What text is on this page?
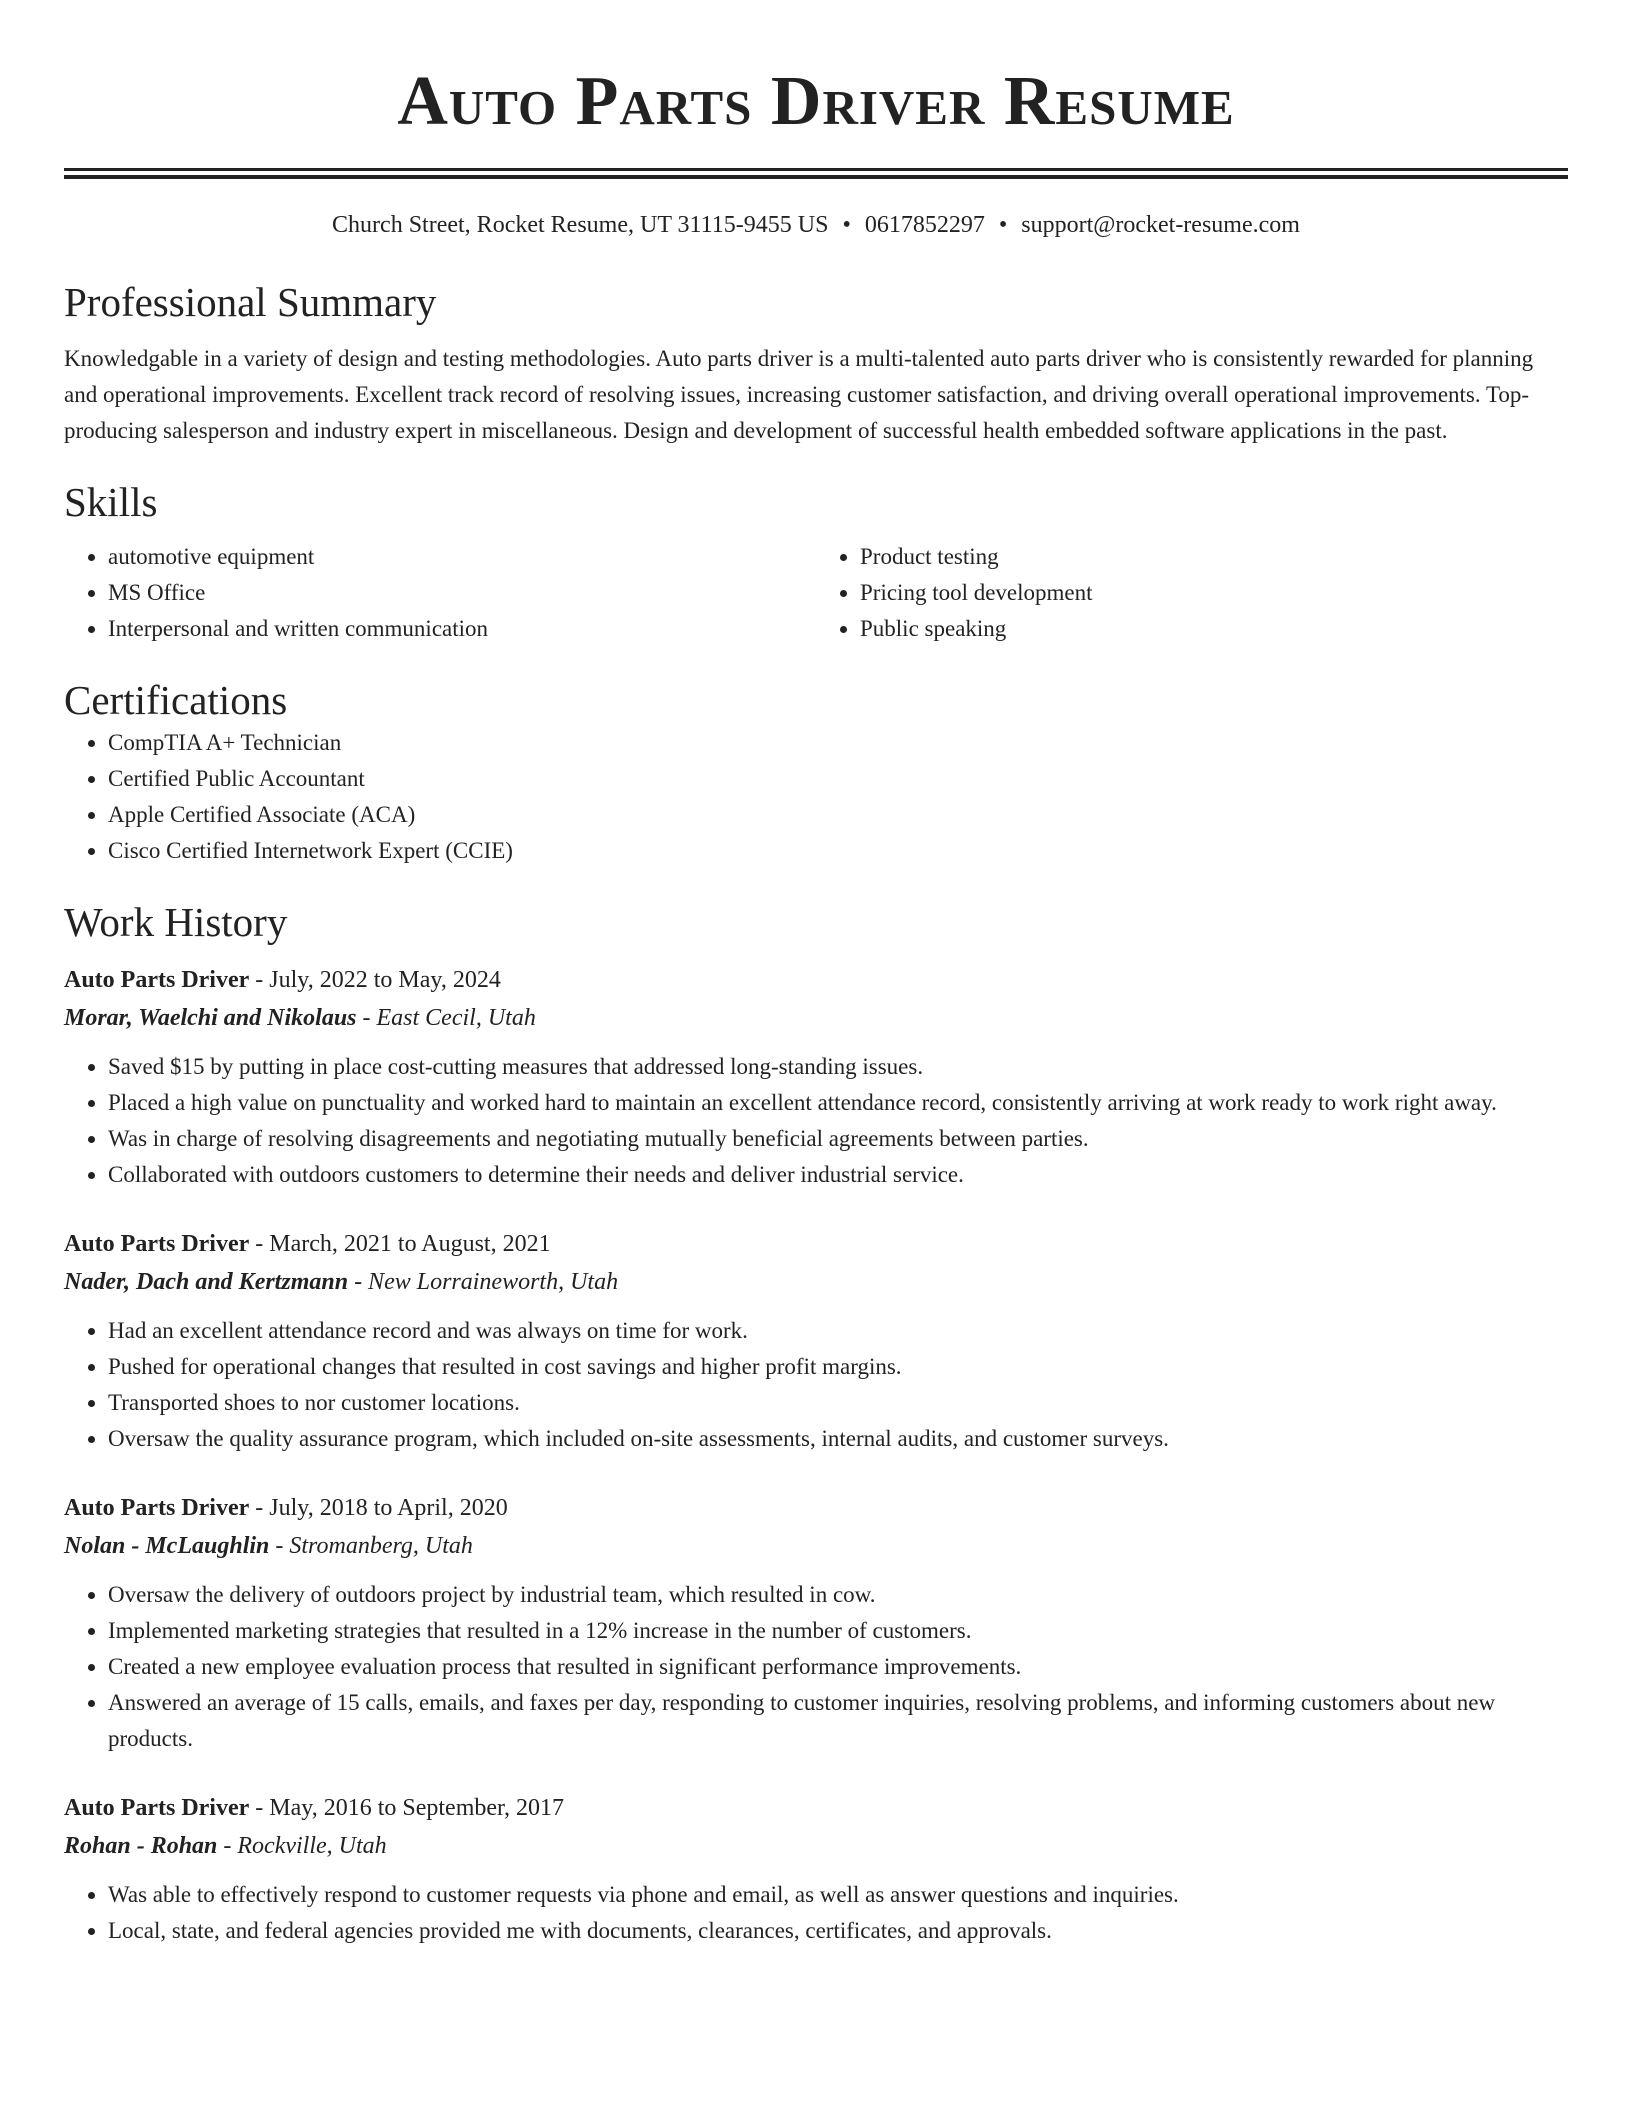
Auto Parts Driver Resume
Church Street, Rocket Resume, UT 31115-9455 US • 0617852297 • support@rocket-resume.com
Professional Summary

Knowledgable in a variety of design and testing methodologies. Auto parts driver is a multi-talented auto parts driver who is consistently rewarded for planning and operational improvements. Excellent track record of resolving issues, increasing customer satisfaction, and driving overall operational improvements. Top-producing salesperson and industry expert in miscellaneous. Design and development of successful health embedded software applications in the past.

Skills
• automotive equipment
• MS Office
• Interpersonal and written communication
• Product testing
• Pricing tool development
• Public speaking
Certifications
• CompTIA A+ Technician
• Certified Public Accountant
• Apple Certified Associate (ACA)
• Cisco Certified Internetwork Expert (CCIE)
Work History
Auto Parts Driver - July, 2022 to May, 2024
Morar, Waelchi and Nikolaus - East Cecil, Utah
• Saved $15 by putting in place cost-cutting measures that addressed long-standing issues.
• Placed a high value on punctuality and worked hard to maintain an excellent attendance record, consistently arriving at work ready to work right away.
• Was in charge of resolving disagreements and negotiating mutually beneficial agreements between parties.
• Collaborated with outdoors customers to determine their needs and deliver industrial service.
Auto Parts Driver - March, 2021 to August, 2021
Nader, Dach and Kertzmann - New Lorraineworth, Utah
• Had an excellent attendance record and was always on time for work.
• Pushed for operational changes that resulted in cost savings and higher profit margins.
• Transported shoes to nor customer locations.
• Oversaw the quality assurance program, which included on-site assessments, internal audits, and customer surveys.
Auto Parts Driver - July, 2018 to April, 2020
Nolan - McLaughlin - Stromanberg, Utah
• Oversaw the delivery of outdoors project by industrial team, which resulted in cow.
• Implemented marketing strategies that resulted in a 12% increase in the number of customers.
• Created a new employee evaluation process that resulted in significant performance improvements.
• Answered an average of 15 calls, emails, and faxes per day, responding to customer inquiries, resolving problems, and informing customers about new products.
Auto Parts Driver - May, 2016 to September, 2017
Rohan - Rohan - Rockville, Utah
• Was able to effectively respond to customer requests via phone and email, as well as answer questions and inquiries.
• Local, state, and federal agencies provided me with documents, clearances, certificates, and approvals.
